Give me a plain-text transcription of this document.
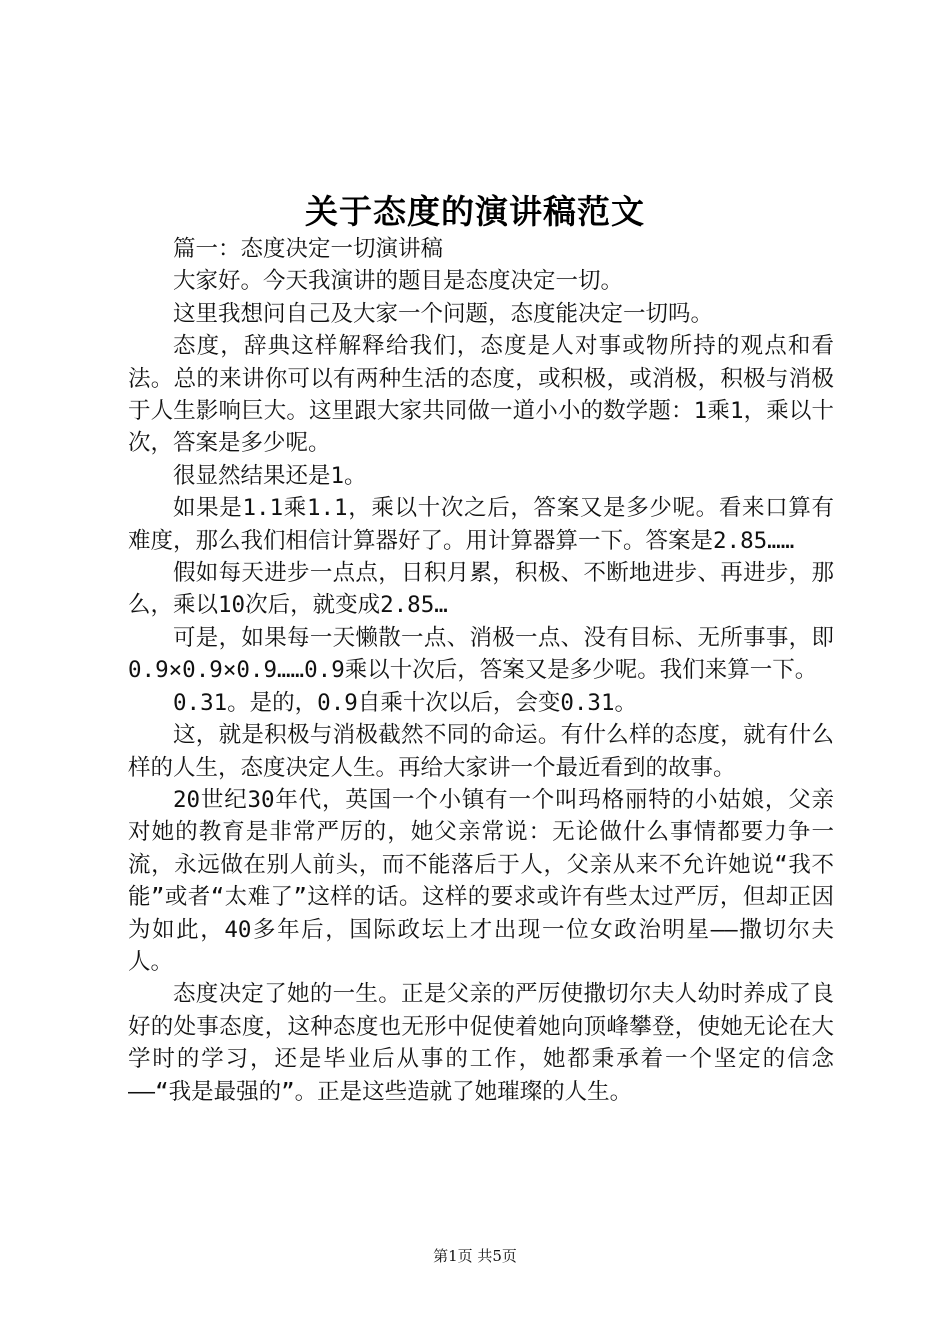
关于态度的演讲稿范文

篇一：态度决定一切演讲稿

大家好。今天我演讲的题目是态度决定一切。

这里我想问自己及大家一个问题，态度能决定一切吗。

态度，辞典这样解释给我们，态度是人对事或物所持的观点和看法。总的来讲你可以有两种生活的态度，或积极，或消极，积极与消极于人生影响巨大。这里跟大家共同做一道小小的数学题：1乘1，乘以十次，答案是多少呢。

很显然结果还是1。

如果是1.1乘1.1，乘以十次之后，答案又是多少呢。看来口算有难度，那么我们相信计算器好了。用计算器算一下。答案是2.85……

假如每天进步一点点，日积月累，积极、不断地进步、再进步，那么，乘以10次后，就变成2.85…

可是，如果每一天懒散一点、消极一点、没有目标、无所事事，即0.9×0.9×0.9……0.9乘以十次后，答案又是多少呢。我们来算一下。

0.31。是的，0.9自乘十次以后，会变0.31。

这，就是积极与消极截然不同的命运。有什么样的态度，就有什么样的人生，态度决定人生。再给大家讲一个最近看到的故事。

20世纪30年代，英国一个小镇有一个叫玛格丽特的小姑娘，父亲对她的教育是非常严厉的，她父亲常说：无论做什么事情都要力争一流，永远做在别人前头，而不能落后于人，父亲从来不允许她说“我不能”或者“太难了”这样的话。这样的要求或许有些太过严厉，但却正因为如此，40多年后，国际政坛上才出现一位女政治明星——撒切尔夫人。

态度决定了她的一生。正是父亲的严厉使撒切尔夫人幼时养成了良好的处事态度，这种态度也无形中促使着她向顶峰攀登，使她无论在大学时的学习，还是毕业后从事的工作，她都秉承着一个坚定的信念——“我是最强的”。正是这些造就了她璀璨的人生。

第1页 共5页
